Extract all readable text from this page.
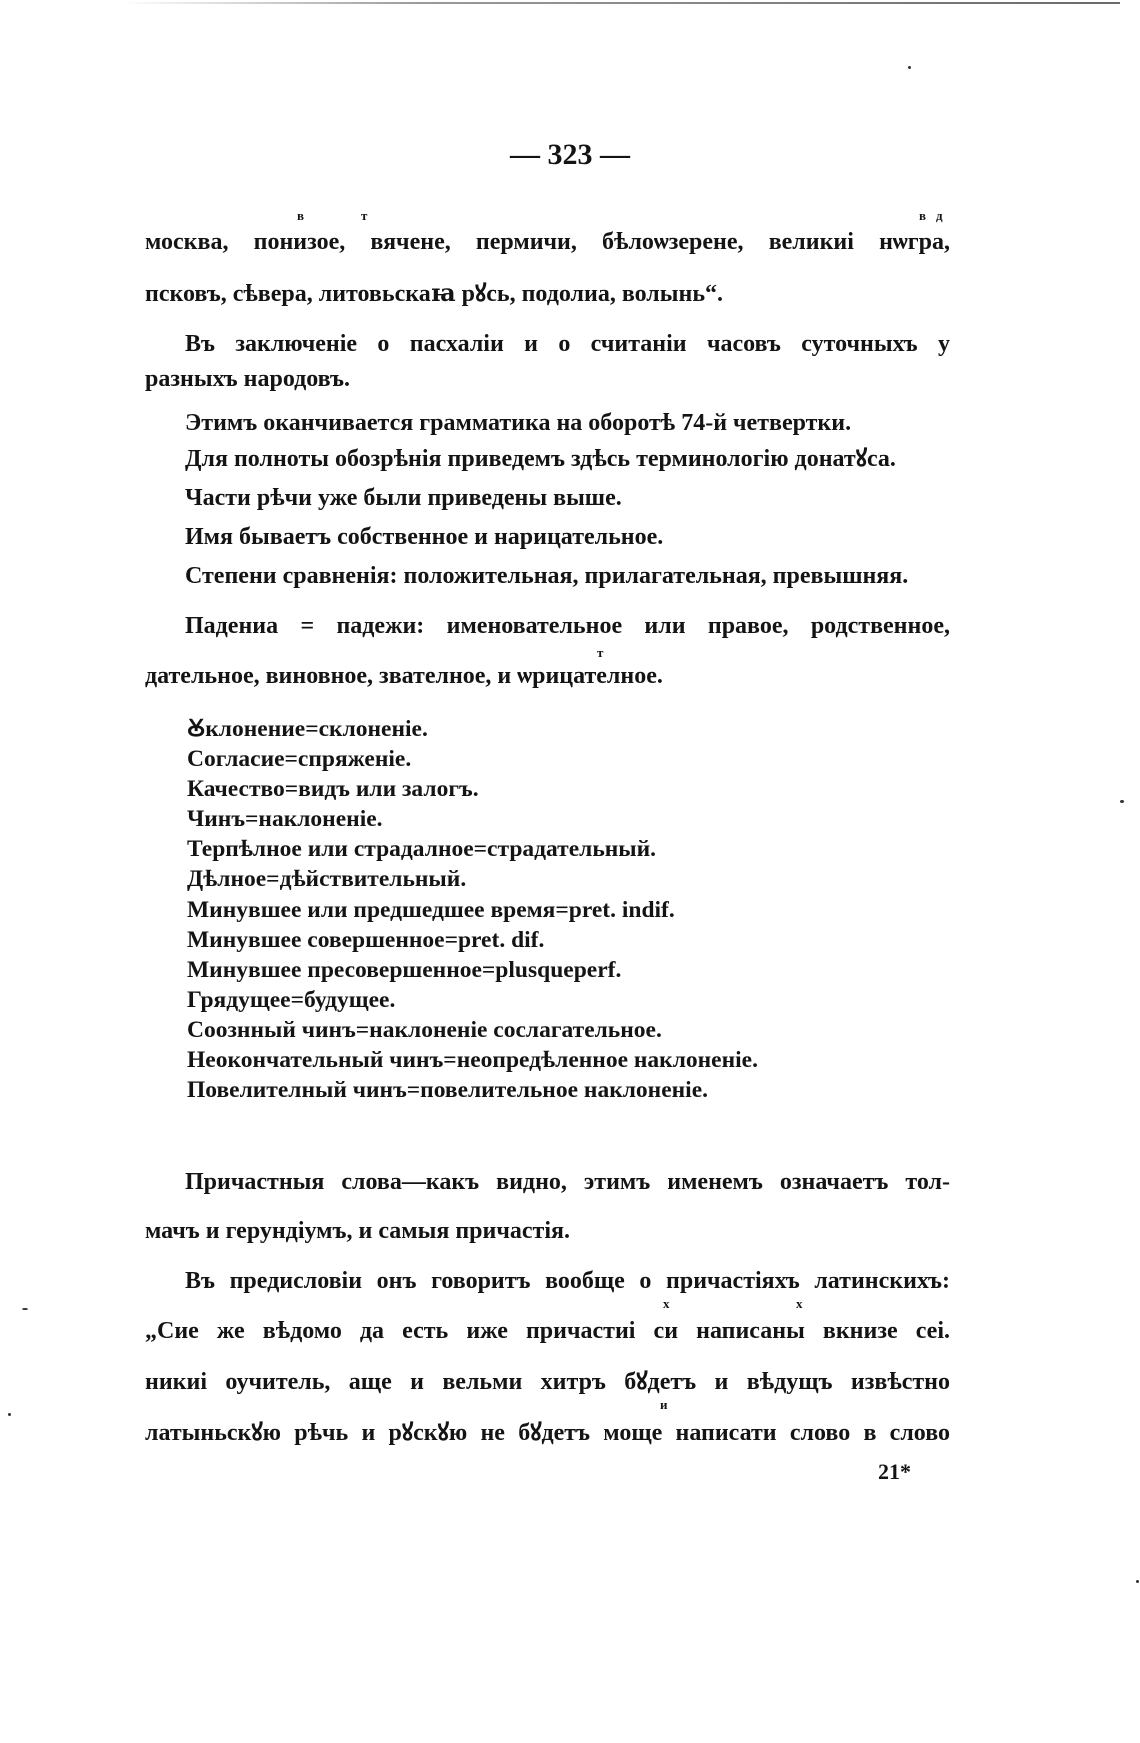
— 323 —
в	т	в д
москва, понизое, вячене, пермичи, бѣлоѡзерене, великиі нѡгра,
псковъ, сѣвера, литовьскаꙗ рꙋсь, подолиа, волынь“.
Въ заключенiе о пасхалiи и о считанiи часовъ суточныхъ у
разныхъ народовъ.
Этимъ оканчивается грамматика на оборотѣ 74-й четвертки.
Для полноты обозрѣнiя приведемъ здѣсь терминологiю донатꙋса.
Части рѣчи уже были приведены выше.
Имя бываетъ собственное и нарицательное.
Степени сравненiя: положительная, прилагательная, превышняя.
Падениа = падежи: именовательное или правое, родственное,
т
дательное, виновное, звателное, и ѡрицателное.
Ꙋклонение=склоненiе.
Согласие=спряженiе.
Качество=видъ или залогъ.
Чинъ=наклоненiе.
Терпѣлное или страдалное=страдательный.
Дѣлное=дѣйствительный.
Минувшее или предшедшее время=pret. indif.
Минувшее совершенное=pret. dif.
Минувшее пресовершенное=plusqueperf.
Грядущее=будущее.
Соознный чинъ=наклоненiе сослагательное.
Неокончательный чинъ=неопредѣленное наклоненiе.
Повелителный чинъ=повелительное наклоненiе.
Причастныя слова—какъ видно, этимъ именемъ означаетъ тол-
мачъ и герундiумъ, и самыя причастiя.
Въ предисловiи онъ говоритъ вообще о причастiяхъ латинскихъ:
х	х
„Сие же вѣдомо да есть иже причастиі си написаны вкнизе сеі.
никиі оучитель, аще и вельми хитръ бꙋдетъ и вѣдущъ извѣстно
и
латыньскꙋю рѣчь и рꙋскꙋю не бꙋдетъ моще написати слово в слово
21*
